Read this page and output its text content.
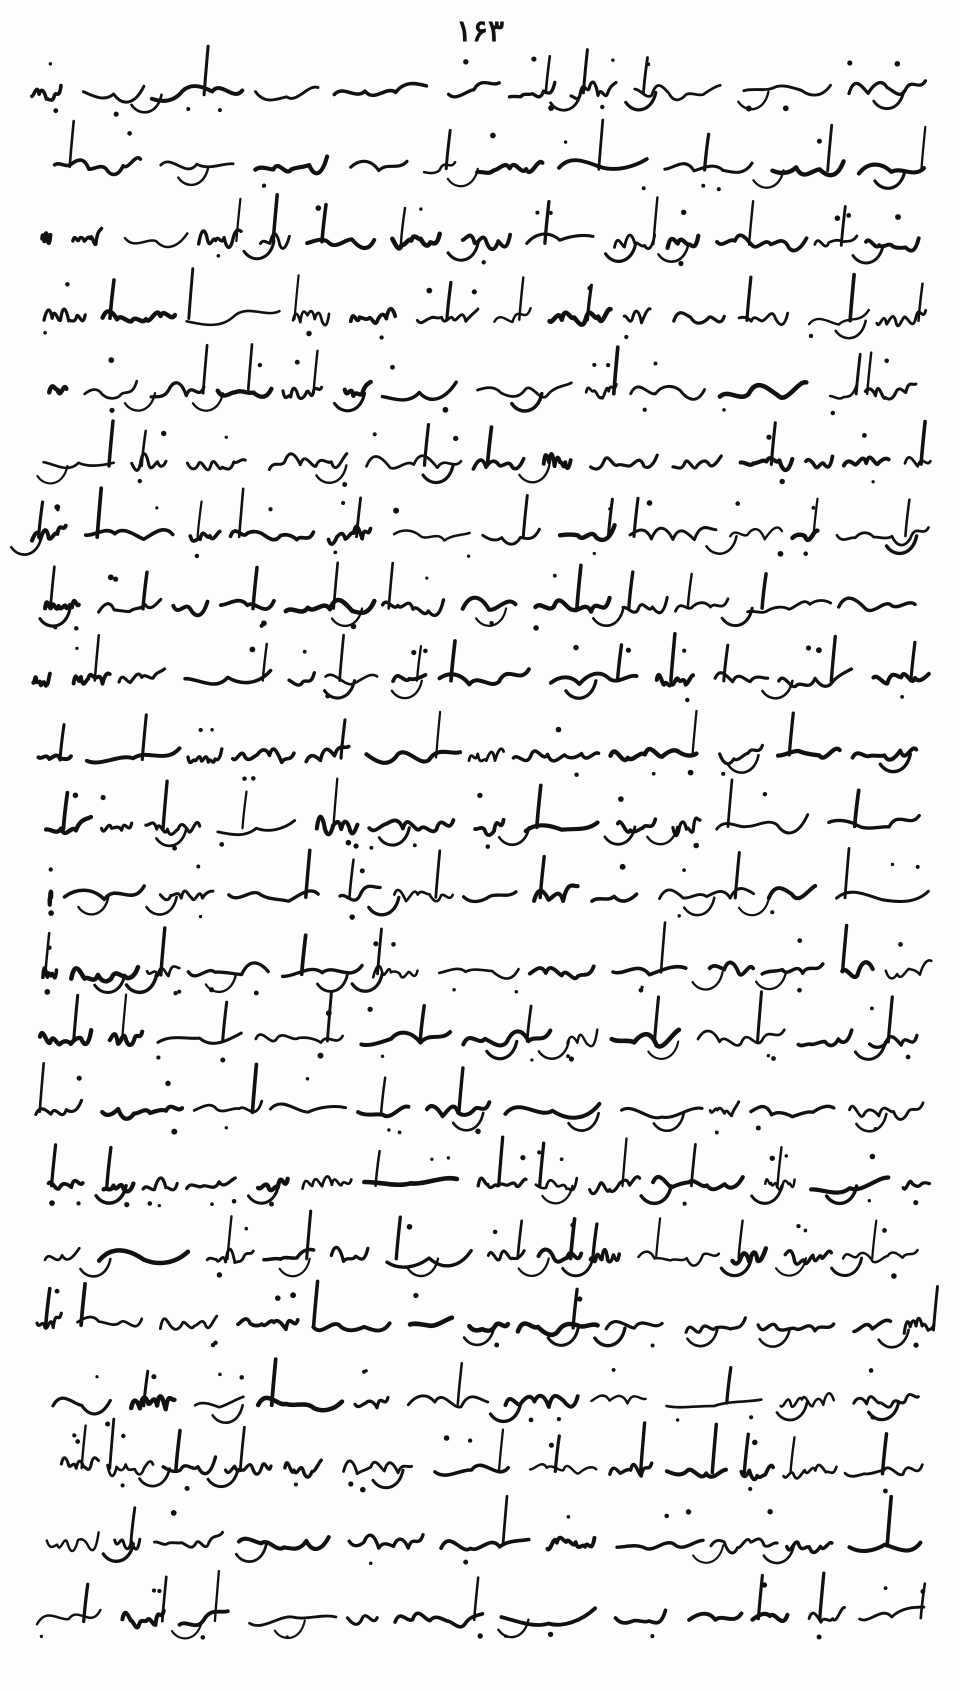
۱۶۳
